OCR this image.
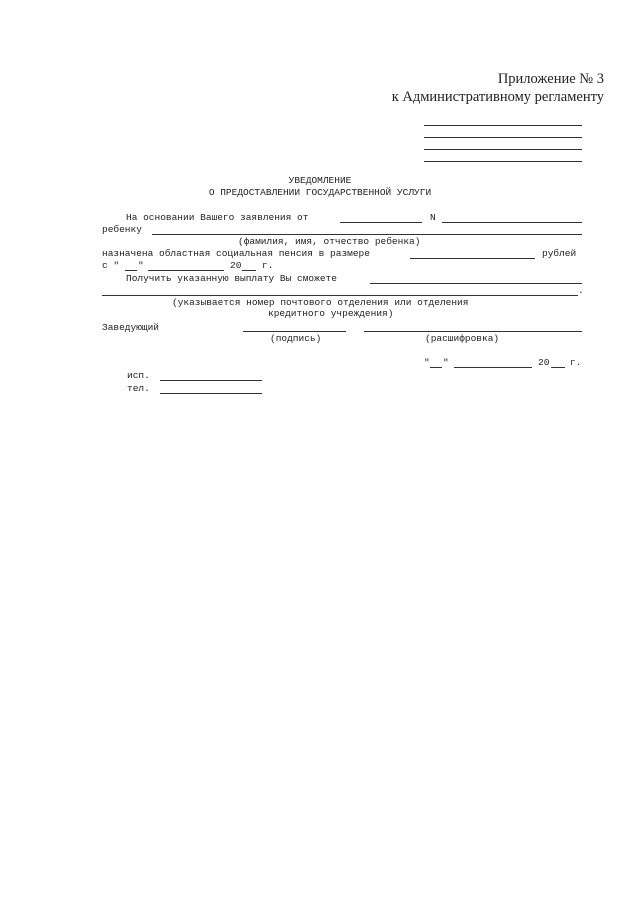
Приложение № 3
к Административному регламенту
УВЕДОМЛЕНИЕ
О ПРЕДОСТАВЛЕНИИ ГОСУДАРСТВЕННОЙ УСЛУГИ
На основании Вашего заявления от	N
ребенку
(фамилия, имя, отчество ребенка)
назначена областная социальная пенсия в размере	рублей
с " "	20 г.
Получить указанную выплату Вы сможете
.
(указывается номер почтового отделения или отделения
кредитного учреждения)
Заведующий
(подпись)	(расшифровка)
" "	20 г.
исп.
тел.
